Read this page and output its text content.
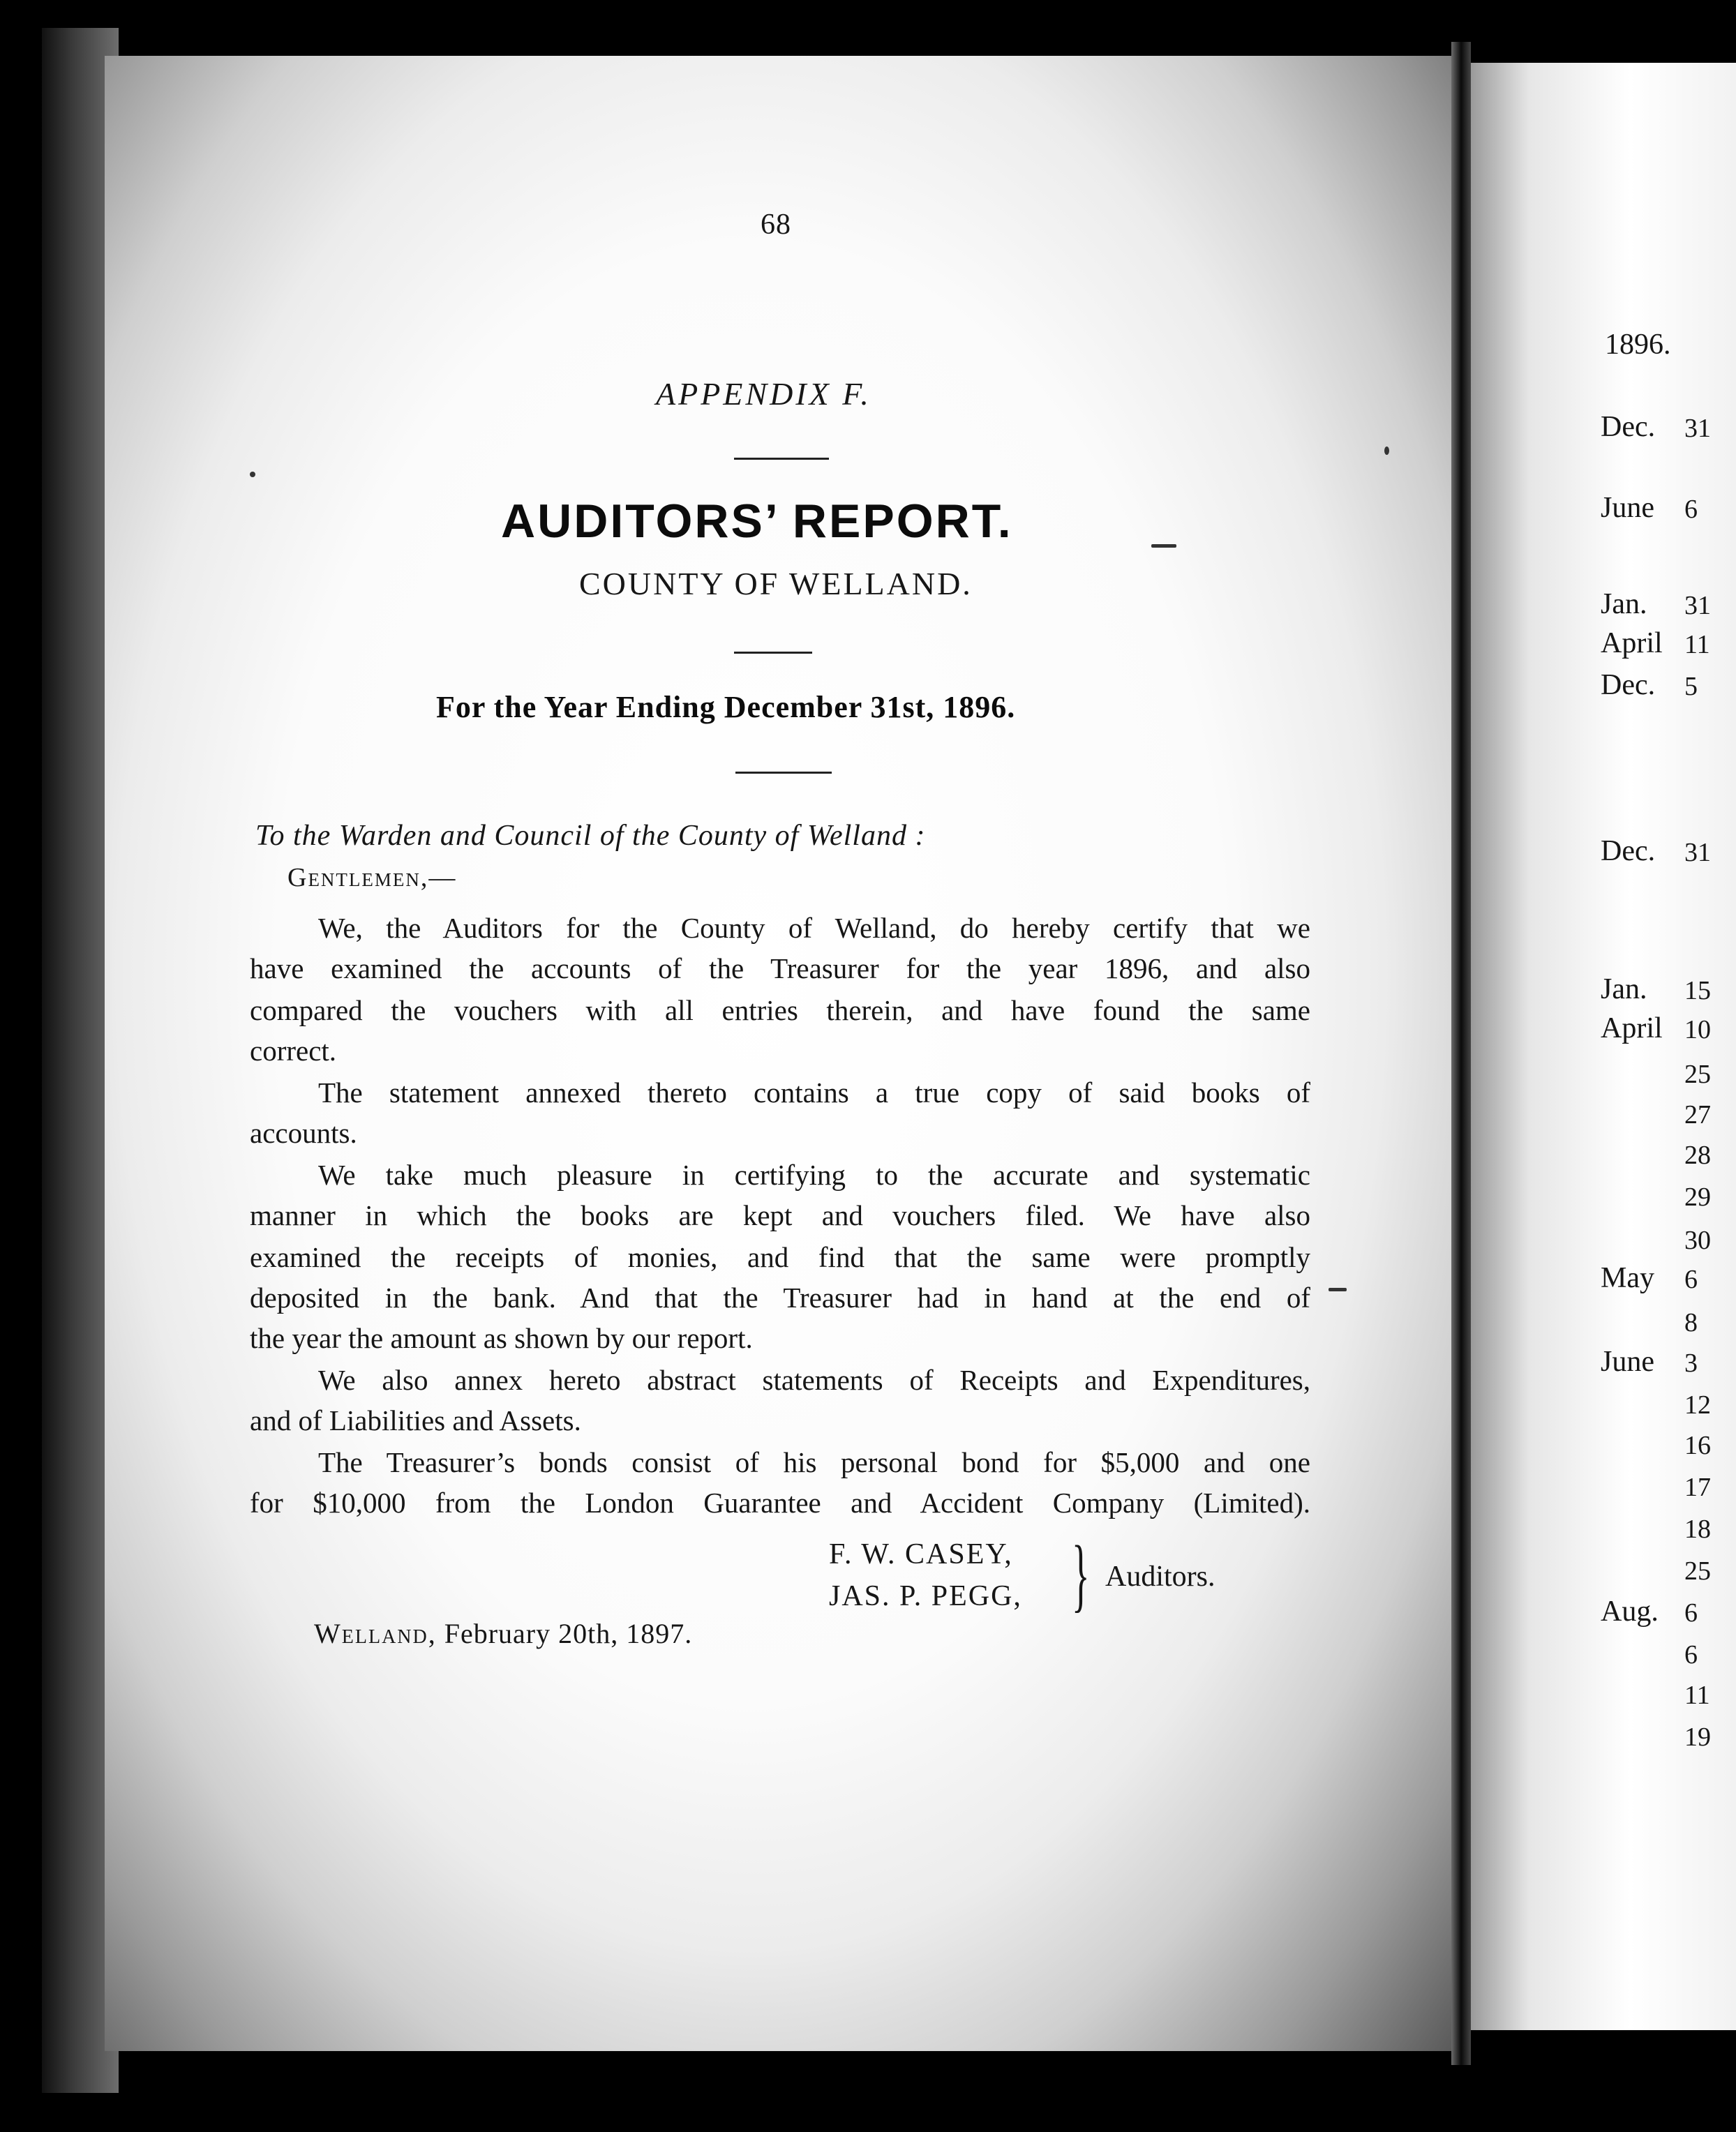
68
APPENDIX F.
AUDITORS’ REPORT.
COUNTY OF WELLAND.
For the Year Ending December 31st, 1896.
To the Warden and Council of the County of Welland :
Gentlemen,—
We, the Auditors for the County of Welland, do hereby certify that we
have examined the accounts of the Treasurer for the year 1896, and also
compared the vouchers with all entries therein, and have found the same
correct.
The statement annexed thereto contains a true copy of said books of
accounts.
We take much pleasure in certifying to the accurate and systematic
manner in which the books are kept and vouchers filed. We have also
examined the receipts of monies, and find that the same were promptly
deposited in the bank. And that the Treasurer had in hand at the end of
the year the amount as shown by our report.
We also annex hereto abstract statements of Receipts and Expenditures,
and of Liabilities and Assets.
The Treasurer’s bonds consist of his personal bond for $5,000 and one
for $10,000 from the London Guarantee and Accident Company (Limited).
F. W. CASEY,
JAS. P. PEGG, } Auditors.
Welland, February 20th, 1897.
1896.
Dec. 31
June 6
Jan. 31
April 11
Dec. 5
Dec. 31
Jan. 15
April 10
25
27
28
29
30
May 6
8
June 3
12
16
17
18
25
Aug. 6
6
11
19
